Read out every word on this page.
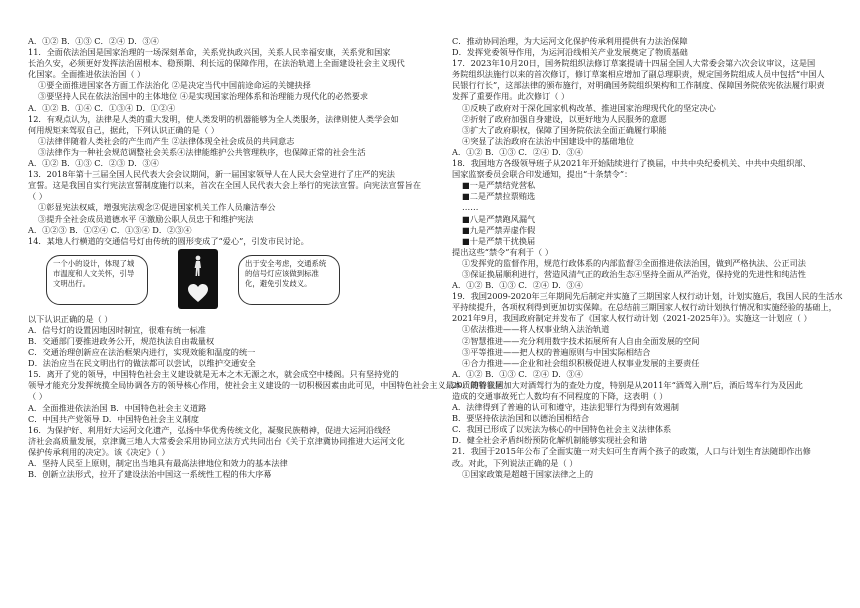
A．①② B．①③ C．②④ D．③④
11．全面依法治国是国家治理的一场深刻革命，关系党执政兴国，关系人民幸福安康，关系党和国家
长治久安，必须更好发挥法治固根本、稳预期、利长远的保障作用，在法治轨道上全面建设社会主义现代
化国家。全面推进依法治国（ ）
①要全面推进国家各方面工作法治化 ②是决定当代中国前途命运的关键抉择
③要坚持人民在依法治国中的主体地位 ④是实现国家治理体系和治理能力现代化的必然要求
A．①② B．①④ C．①③④ D．①②④
12．有观点认为，法律是人类的重大发明，使人类发明的机器能够为全人类服务，法律则使人类学会如
何用规矩来驾驭自己，据此，下列认识正确的是（ ）
①法律伴随着人类社会的产生而产生 ②法律体现全社会成员的共同意志
③法律作为一种社会规范调整社会关系④法律能维护公共管理秩序，也保障正常的社会生活
A．①② B．①③ C．②③ D．③④
13．2018年第十三届全国人民代表大会会议期间，新一届国家领导人在人民大会堂进行了庄严的宪法
宣誓。这是我国自实行宪法宣誓制度施行以来，首次在全国人民代表大会上举行的宪法宣誓。向宪法宣誓旨在
（ ）
①彰显宪法权威，增强宪法观念②促进国家机关工作人员廉洁奉公
③提升全社会成员道德水平 ④激励公职人员忠于和维护宪法
A．①②③ B．①②④ C．①③④ D．②③④
14．某地人行横道的交通信号灯由传统的圆形变成了“爱心”，引发市民讨论。
一个小的设计，体现了城市温度和人文关怀，引导文明出行。
出于安全考虑，交通系统的信号灯应该做到标准化，避免引发歧义。
以下认识正确的是（ ）
A．信号灯的设置因地因时制宜，很难有统一标准
B．交通部门要推进政务公开，规范执法自由裁量权
C．交通治理创新应在法治框架内进行，实现效能和温度的统一
D．法治应当在民文明出行的做法都可以尝试，以维护交通安全
15．离开了党的领导，中国特色社会主义建设就是无本之木无源之水，就会成空中楼阁。只有坚持党的
领导才能充分发挥统揽全局协调各方的领导核心作用，使社会主义建设的一切积极因素由此可见，中国特色社会主义最本质的特征是
（ ）
A．全面推进依法治国 B．中国特色社会主义道路
C．中国共产党领导 D．中国特色社会主义制度
16．为保护好、利用好大运河文化遗产，弘扬中华优秀传统文化，凝聚民族精神，促进大运河沿线经
济社会高质量发展，京津冀三地人大常委会采用协同立法方式共同出台《关于京津冀协同推进大运河文化
保护传承利用的决定》。该《决定》（ ）
A．坚持人民至上原则，制定出当地具有最高法律地位和效力的基本法律
B．创新立法形式，拉开了建设法治中国这一系统性工程的伟大序幕
C．推动协同治理，为大运河文化保护传承利用提供有力法治保障
D．发挥党委领导作用，为运河沿线相关产业发展奠定了物质基础
17．2023年10月20日，国务院组织法修订草案提请十四届全国人大常委会第六次会议审议，这是国
务院组织法施行以来的首次修订，修订草案相应增加了副总理职责，规定国务院组成人员中包括“中国人
民银行行长”，这部法律的颁布施行，对明确国务院组织架构和工作制度、保障国务院依宪依法履行职责
发挥了重要作用。此次修订（ ）
①反映了政府对于深化国家机构改革、推进国家治理现代化的坚定决心
②折射了政府加强自身建设，以更好地为人民服务的意愿
③扩大了政府职权，保障了国务院依法全面正确履行职能
④突显了法治政府在法治中国建设中的基础地位
A．①② B．①③ C．②④ D．③④
18．我国地方各级领导班子从2021年开始陆续进行了换届，中共中央纪委机关、中共中央组织部、
国家监察委员会联合印发通知，提出“十条禁令”：
■一是严禁结党营私
■二是严禁拉票贿选
……
■八是严禁跑风漏气
■九是严禁弄虚作假
■十是严禁干扰换届
提出这些“禁令”有利于（ ）
①发挥党的监督作用，规范行政体系的内部监督②全面推进依法治国，做到严格执法、公正司法
③保证换届顺利进行，营造风清气正的政治生态④坚持全面从严治党，保持党的先进性和纯洁性
A．①② B．①③ C．②④ D．③④
19．我国2009-2020年三年期间先后制定并实施了三期国家人权行动计划，计划实施后，我国人民的生活水
平持续提升，各项权利得到更加切实保障。在总结前三期国家人权行动计划执行情况和实施经验的基础上，
2021年9月，我国政府制定并发布了《国家人权行动计划（2021-2025年）》。实施这一计划应（ ）
①依法推进——将人权事业纳入法治轨道
②智慧推进——充分利用数字技术拓展所有人自由全面发展的空间
③平等推进——把人权的普遍原则与中国实际相结合
④合力推进——企业和社会组织积极促进人权事业发展的主要责任
A．①② B．①③ C．②④ D．③④
20．随着我国加大对酒驾行为的查处力度，特别是从2011年“酒驾入刑”后，酒后驾车行为及因此
造成的交通事故死亡人数均有不同程度的下降，这表明（ ）
A．法律得到了普遍的认可和遵守，违法犯罪行为得到有效遏制
B．要坚持依法治国和以德治国相结合
C．我国已形成了以宪法为核心的中国特色社会主义法律体系
D．健全社会矛盾纠纷预防化解机制能够实现社会和谐
21．我国于2015年公布了全面实施一对夫妇可生育两个孩子的政策，人口与计划生育法随即作出修
改。对此，下列说法正确的是（ ）
①国家政策是超越于国家法律之上的
